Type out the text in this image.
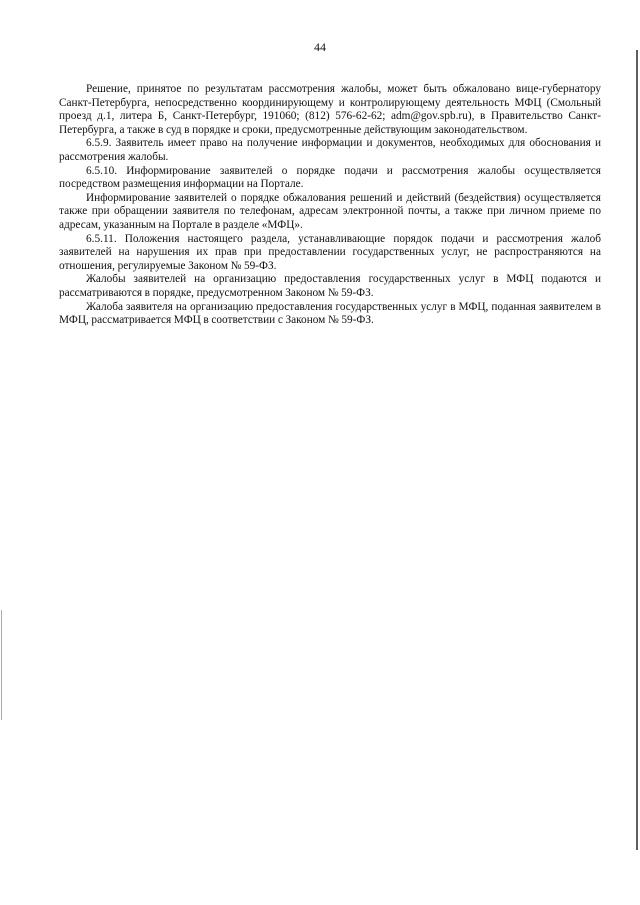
44

Решение, принятое по результатам рассмотрения жалобы, может быть обжаловано вице-губернатору Санкт-Петербурга, непосредственно координирующему и контролирующему деятельность МФЦ (Смольный проезд д.1, литера Б, Санкт-Петербург, 191060; (812) 576-62-62; adm@gov.spb.ru), в Правительство Санкт-Петербурга, а также в суд в порядке и сроки, предусмотренные действующим законодательством.

6.5.9. Заявитель имеет право на получение информации и документов, необходимых для обоснования и рассмотрения жалобы.

6.5.10. Информирование заявителей о порядке подачи и рассмотрения жалобы осуществляется посредством размещения информации на Портале.

Информирование заявителей о порядке обжалования решений и действий (бездействия) осуществляется также при обращении заявителя по телефонам, адресам электронной почты, а также при личном приеме по адресам, указанным на Портале в разделе «МФЦ».

6.5.11. Положения настоящего раздела, устанавливающие порядок подачи и рассмотрения жалоб заявителей на нарушения их прав при предоставлении государственных услуг, не распространяются на отношения, регулируемые Законом № 59-ФЗ.

Жалобы заявителей на организацию предоставления государственных услуг в МФЦ подаются и рассматриваются в порядке, предусмотренном Законом № 59-ФЗ.

Жалоба заявителя на организацию предоставления государственных услуг в МФЦ, поданная заявителем в МФЦ, рассматривается МФЦ в соответствии с Законом № 59-ФЗ.
